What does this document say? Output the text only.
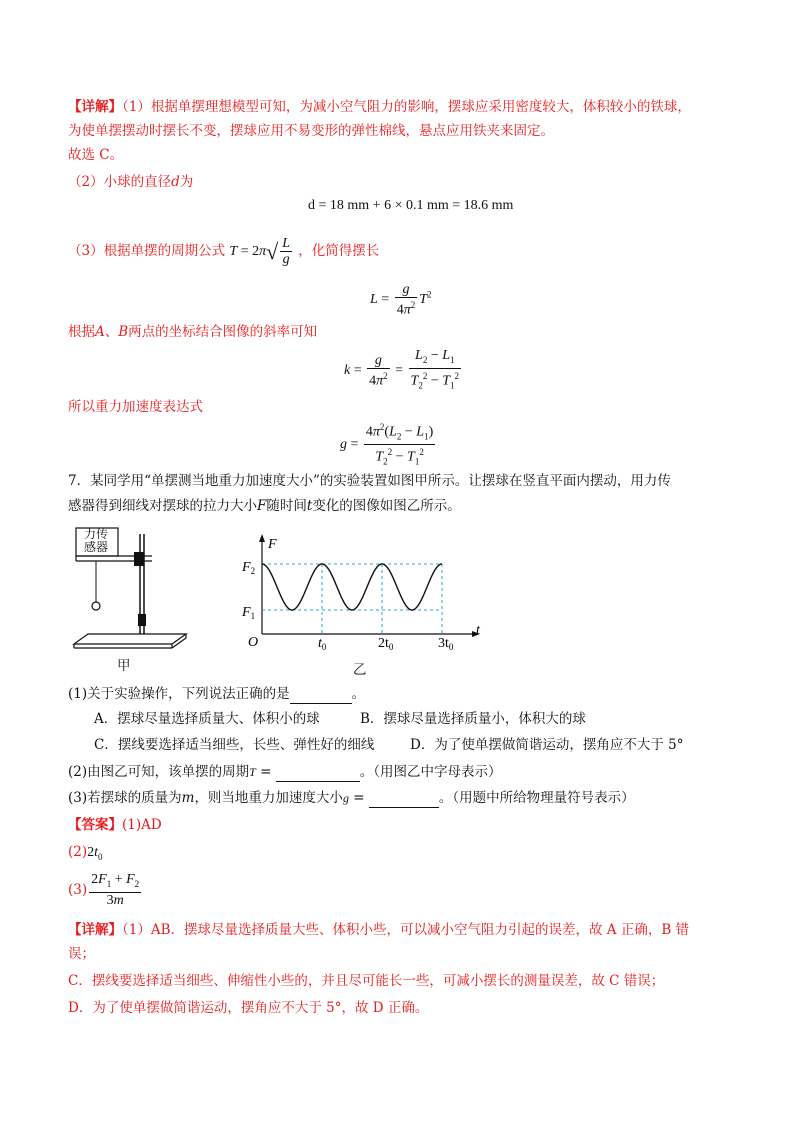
【详解】（1）根据单摆理想模型可知，为减小空气阻力的影响，摆球应采用密度较大，体积较小的铁球，
为使单摆摆动时摆长不变，摆球应用不易变形的弹性棉线，悬点应用铁夹来固定。
故选 C。
（2）小球的直径d为
d = 18 mm + 6 × 0.1 mm = 18.6 mm
（3）根据单摆的周期公式 $T = 2\pi√ \frac{L}{g}$ ，化简得摆长
$L = \frac{g}{4\pi^2} T^2$
根据A、B两点的坐标结合图像的斜率可知
$k = \frac{g}{4\pi^2} = \frac{L_2 - L_1}{T_2^2 - T_1^2}$
所以重力加速度表达式
$g = \frac{4\pi^2(L_2 - L_1)}{T_2^2 - T_1^2}$
7．某同学用“单摆测当地重力加速度大小”的实验装置如图甲所示。让摆球在竖直平面内摆动，用力传
感器得到细线对摆球的拉力大小F随时间t变化的图像如图乙所示。
力传
感器
甲
F
t
O
$F_2$
$F_1$
$t_0$	$2t_0$	$3t_0$
乙
(1)关于实验操作，下列说法正确的是	。
A．摆球尽量选择质量大、体积小的球	B．摆球尽量选择质量小，体积大的球
C．摆线要选择适当细些，长些、弹性好的细线	D．为了使单摆做简谐运动，摆角应不大于 5°
(2)由图乙可知，该单摆的周期T =	。（用图乙中字母表示）
(3)若摆球的质量为m，则当地重力加速度大小g =	。（用题中所给物理量符号表示）
【答案】(1)AD
$(2)2t_0$
$(3) \frac{2F_1 + F_2}{3m}$
【详解】（1）AB．摆球尽量选择质量大些、体积小些，可以减小空气阻力引起的误差，故 A 正确，B 错
误；
C．摆线要选择适当细些、伸缩性小些的，并且尽可能长一些，可减小摆长的测量误差，故 C 错误；
D．为了使单摆做简谐运动，摆角应不大于 5°，故 D 正确。
